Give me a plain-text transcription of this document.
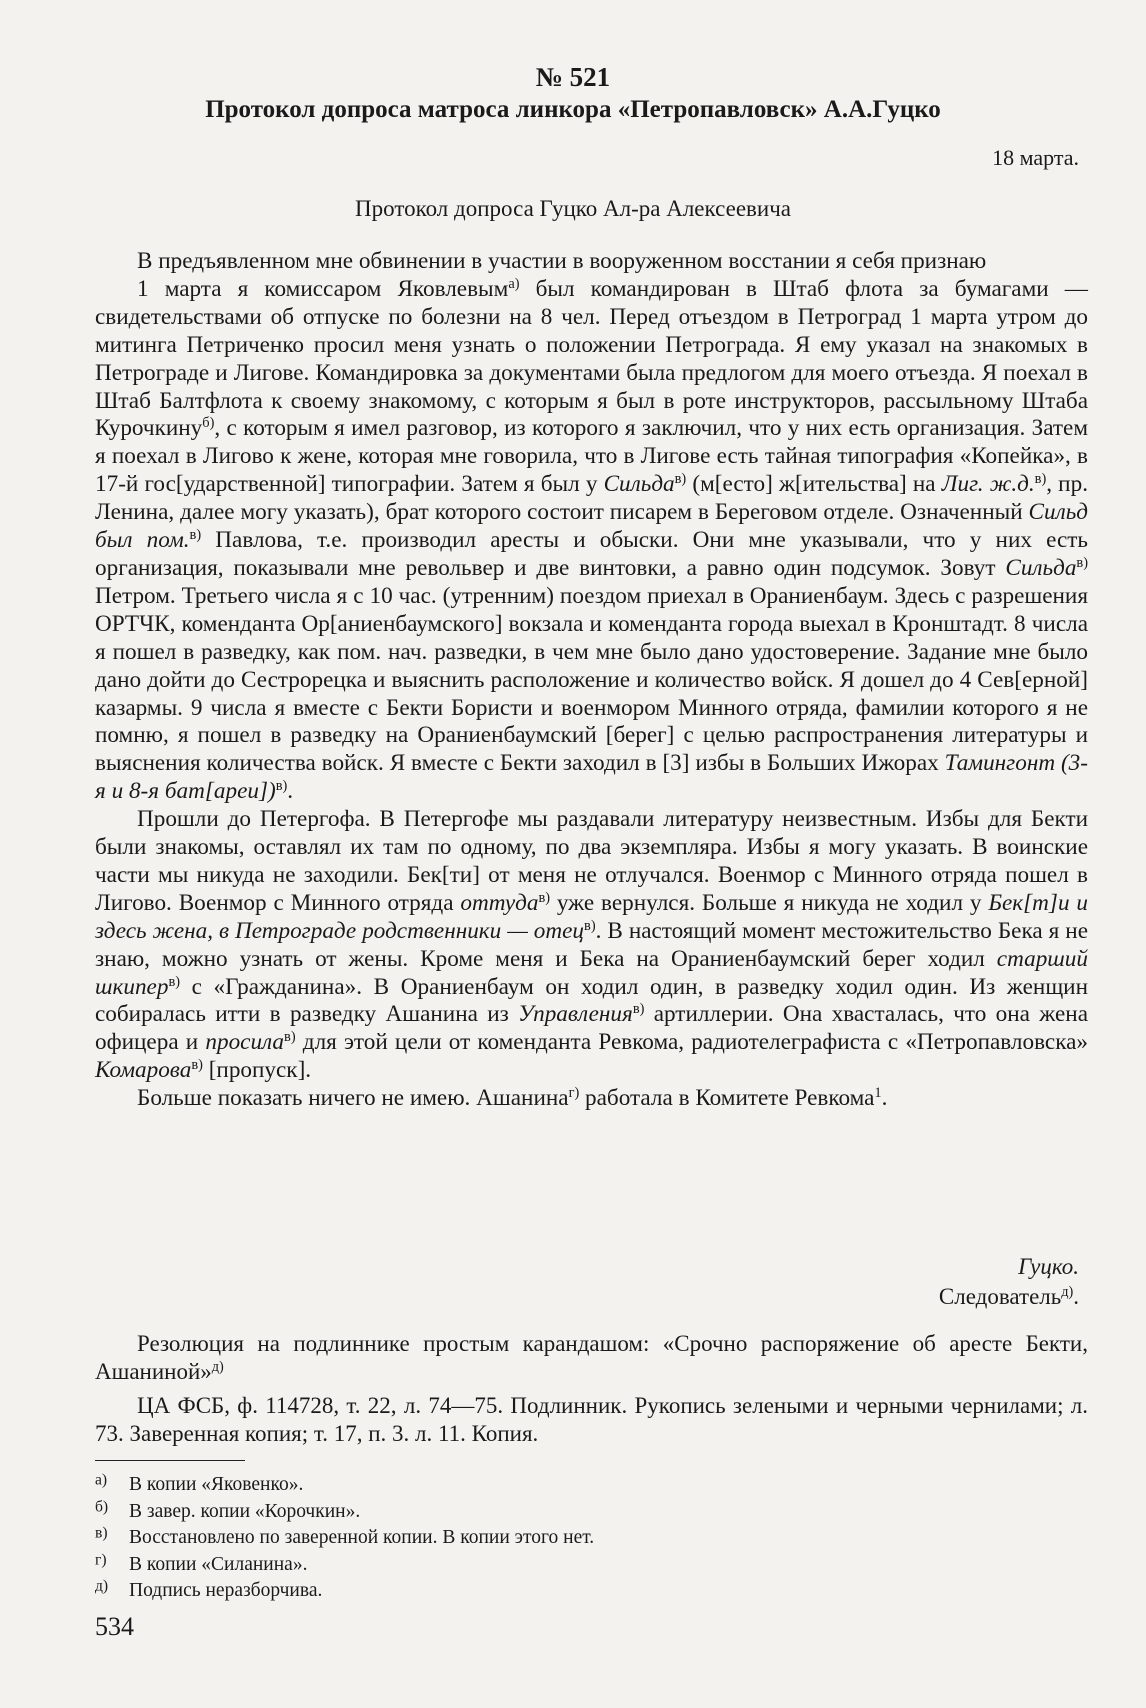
№ 521
Протокол допроса матроса линкора «Петропавловск» А.А.Гуцко
18 марта.
Протокол допроса Гуцко Ал-ра Алексеевича

В предъявленном мне обвинении в участии в вооруженном восстании я себя признаю

1 марта я комиссаром Яковлевым$^{а)}$ был командирован в Штаб флота за бумагами — свидетельствами об отпуске по болезни на 8 чел. Перед отъездом в Петроград 1 марта утром до митинга Петриченко просил меня узнать о положении Петрограда. Я ему указал на знакомых в Петрограде и Лигове. Командировка за документами была предлогом для моего отъезда. Я поехал в Штаб Балтфлота к своему знакомому, с которым я был в роте инструкторов, рассыльному Штаба Курочкину$^{б)}$, с которым я имел разговор, из которого я заключил, что у них есть организация. Затем я поехал в Лигово к жене, которая мне говорила, что в Лигове есть тайная типография «Копейка», в 17-й гос[ударственной] типографии. Затем я был у Сильда$^{в)}$ (м[есто] ж[ительства] на Лиг. ж.д.$^{в)}$, пр. Ленина, далее могу указать), брат которого состоит писарем в Береговом отделе. Означенный Сильд был пом.$^{в)}$ Павлова, т.е. производил аресты и обыски. Они мне указывали, что у них есть организация, показывали мне револьвер и две винтовки, а равно один подсумок. Зовут Сильда$^{в)}$ Петром. Третьего числа я с 10 час. (утренним) поездом приехал в Ораниенбаум. Здесь с разрешения ОРТЧК, коменданта Ор[аниенбаумского] вокзала и коменданта города выехал в Кронштадт. 8 числа я пошел в разведку, как пом. нач. разведки, в чем мне было дано удостоверение. Задание мне было дано дойти до Сестрорецка и выяснить расположение и количество войск. Я дошел до 4 Сев[ерной] казармы. 9 числа я вместе с Бекти Бористи и военмором Минного отряда, фамилии которого я не помню, я пошел в разведку на Ораниенбаумский [берег] с целью распространения литературы и выяснения количества войск. Я вместе с Бекти заходил в [3] избы в Больших Ижорах Тамингонт (3-я и 8-я бат[ареи])$^{в)}$.

Прошли до Петергофа. В Петергофе мы раздавали литературу неизвестным. Избы для Бекти были знакомы, оставлял их там по одному, по два экземпляра. Избы я могу указать. В воинские части мы никуда не заходили. Бек[ти] от меня не отлучался. Военмор с Минного отряда пошел в Лигово. Военмор с Минного отряда оттуда$^{в)}$ уже вернулся. Больше я никуда не ходил у Бек[т]и и здесь жена, в Петрограде родственники — отец$^{в)}$. В настоящий момент местожительство Бека я не знаю, можно узнать от жены. Кроме меня и Бека на Ораниенбаумский берег ходил старший шкипер$^{в)}$ с «Гражданина». В Ораниенбаум он ходил один, в разведку ходил один. Из женщин собиралась итти в разведку Ашанина из Управления$^{в)}$ артиллерии. Она хвасталась, что она жена офицера и просила$^{в)}$ для этой цели от коменданта Ревкома, радиотелеграфиста с «Петропавловска» Комарова$^{в)}$ [пропуск].

Больше показать ничего не имею. Ашанина$^{г)}$ работала в Комитете Ревкома$^1$.

Гуцко.
Следователь$^{д)}$.
Резолюция на подлиннике простым карандашом: «Срочно распоряжение об аресте Бекти, Ашаниной»$^{д)}$
ЦА ФСБ, ф. 114728, т. 22, л. 74—75. Подлинник. Рукопись зелеными и черными чернилами; л. 73. Заверенная копия; т. 17, п. 3. л. 11. Копия.
$^{а)}$	В копии «Яковенко».
$^{б)}$	В завер. копии «Корочкин».
$^{в)}$	Восстановлено по заверенной копии. В копии этого нет.
$^{г)}$	В копии «Силанина».
$^{д)}$	Подпись неразборчива.
534
